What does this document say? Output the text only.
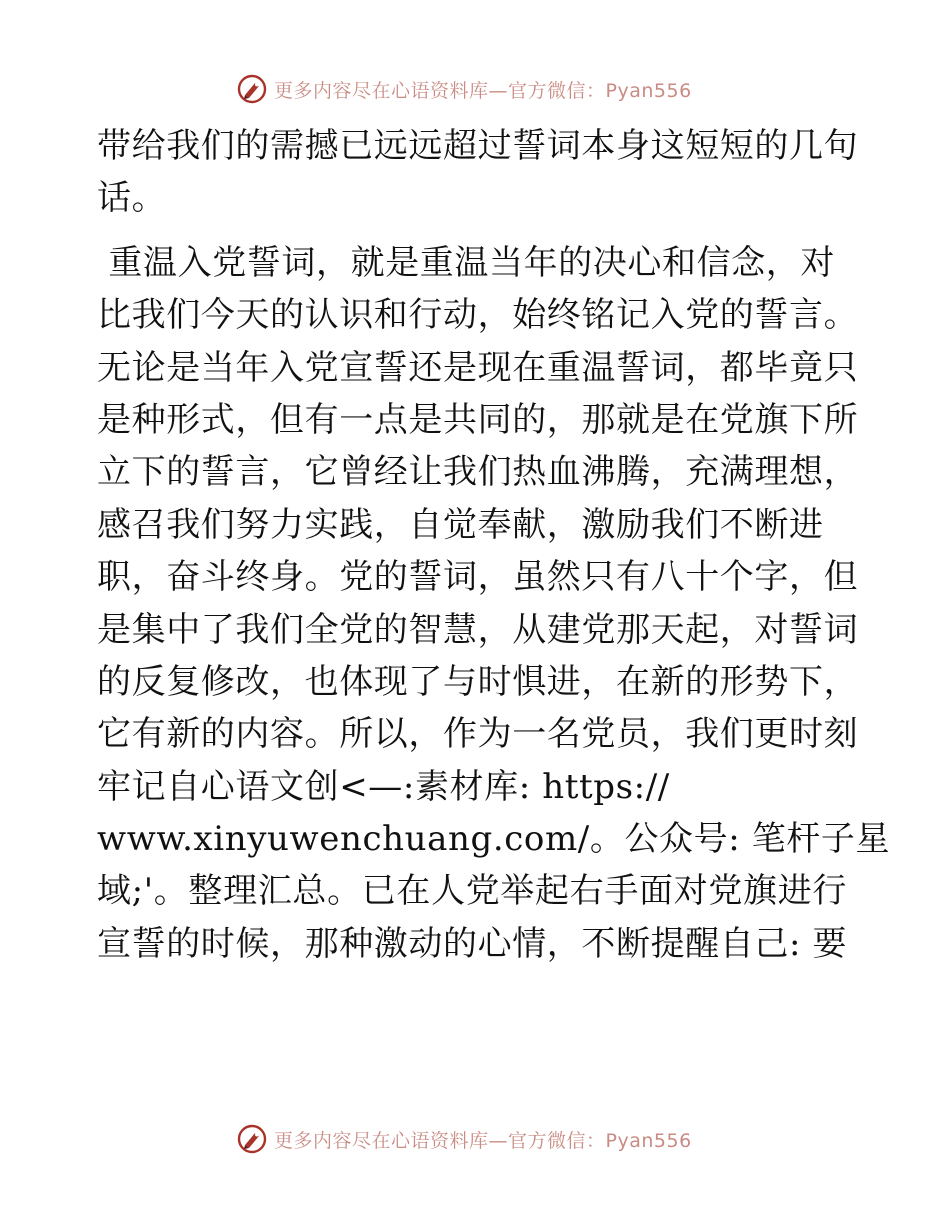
更多内容尽在心语资料库—官方微信：Pyan556
带给我们的需撼已远远超过誓词本身这短短的几句
话。
重温入党誓词，就是重温当年的决心和信念，对
比我们今天的认识和行动，始终铭记入党的誓言。
无论是当年入党宣誓还是现在重温誓词，都毕竟只
是种形式，但有一点是共同的，那就是在党旗下所
立下的誓言，它曾经让我们热血沸腾，充满理想，
感召我们努力实践，自觉奉献，激励我们不断进
职，奋斗终身。党的誓词，虽然只有八十个字，但
是集中了我们全党的智慧，从建党那天起，对誓词
的反复修改，也体现了与时惧进，在新的形势下，
它有新的内容。所以，作为一名党员，我们更时刻
牢记自心语文创<—:素材库: https://
www.xinyuwenchuang.com/。公众号: 笔杆子星
域;'。整理汇总。已在人党举起右手面对党旗进行
宣誓的时候，那种激动的心情，不断提醒自己: 要
更多内容尽在心语资料库—官方微信：Pyan556
